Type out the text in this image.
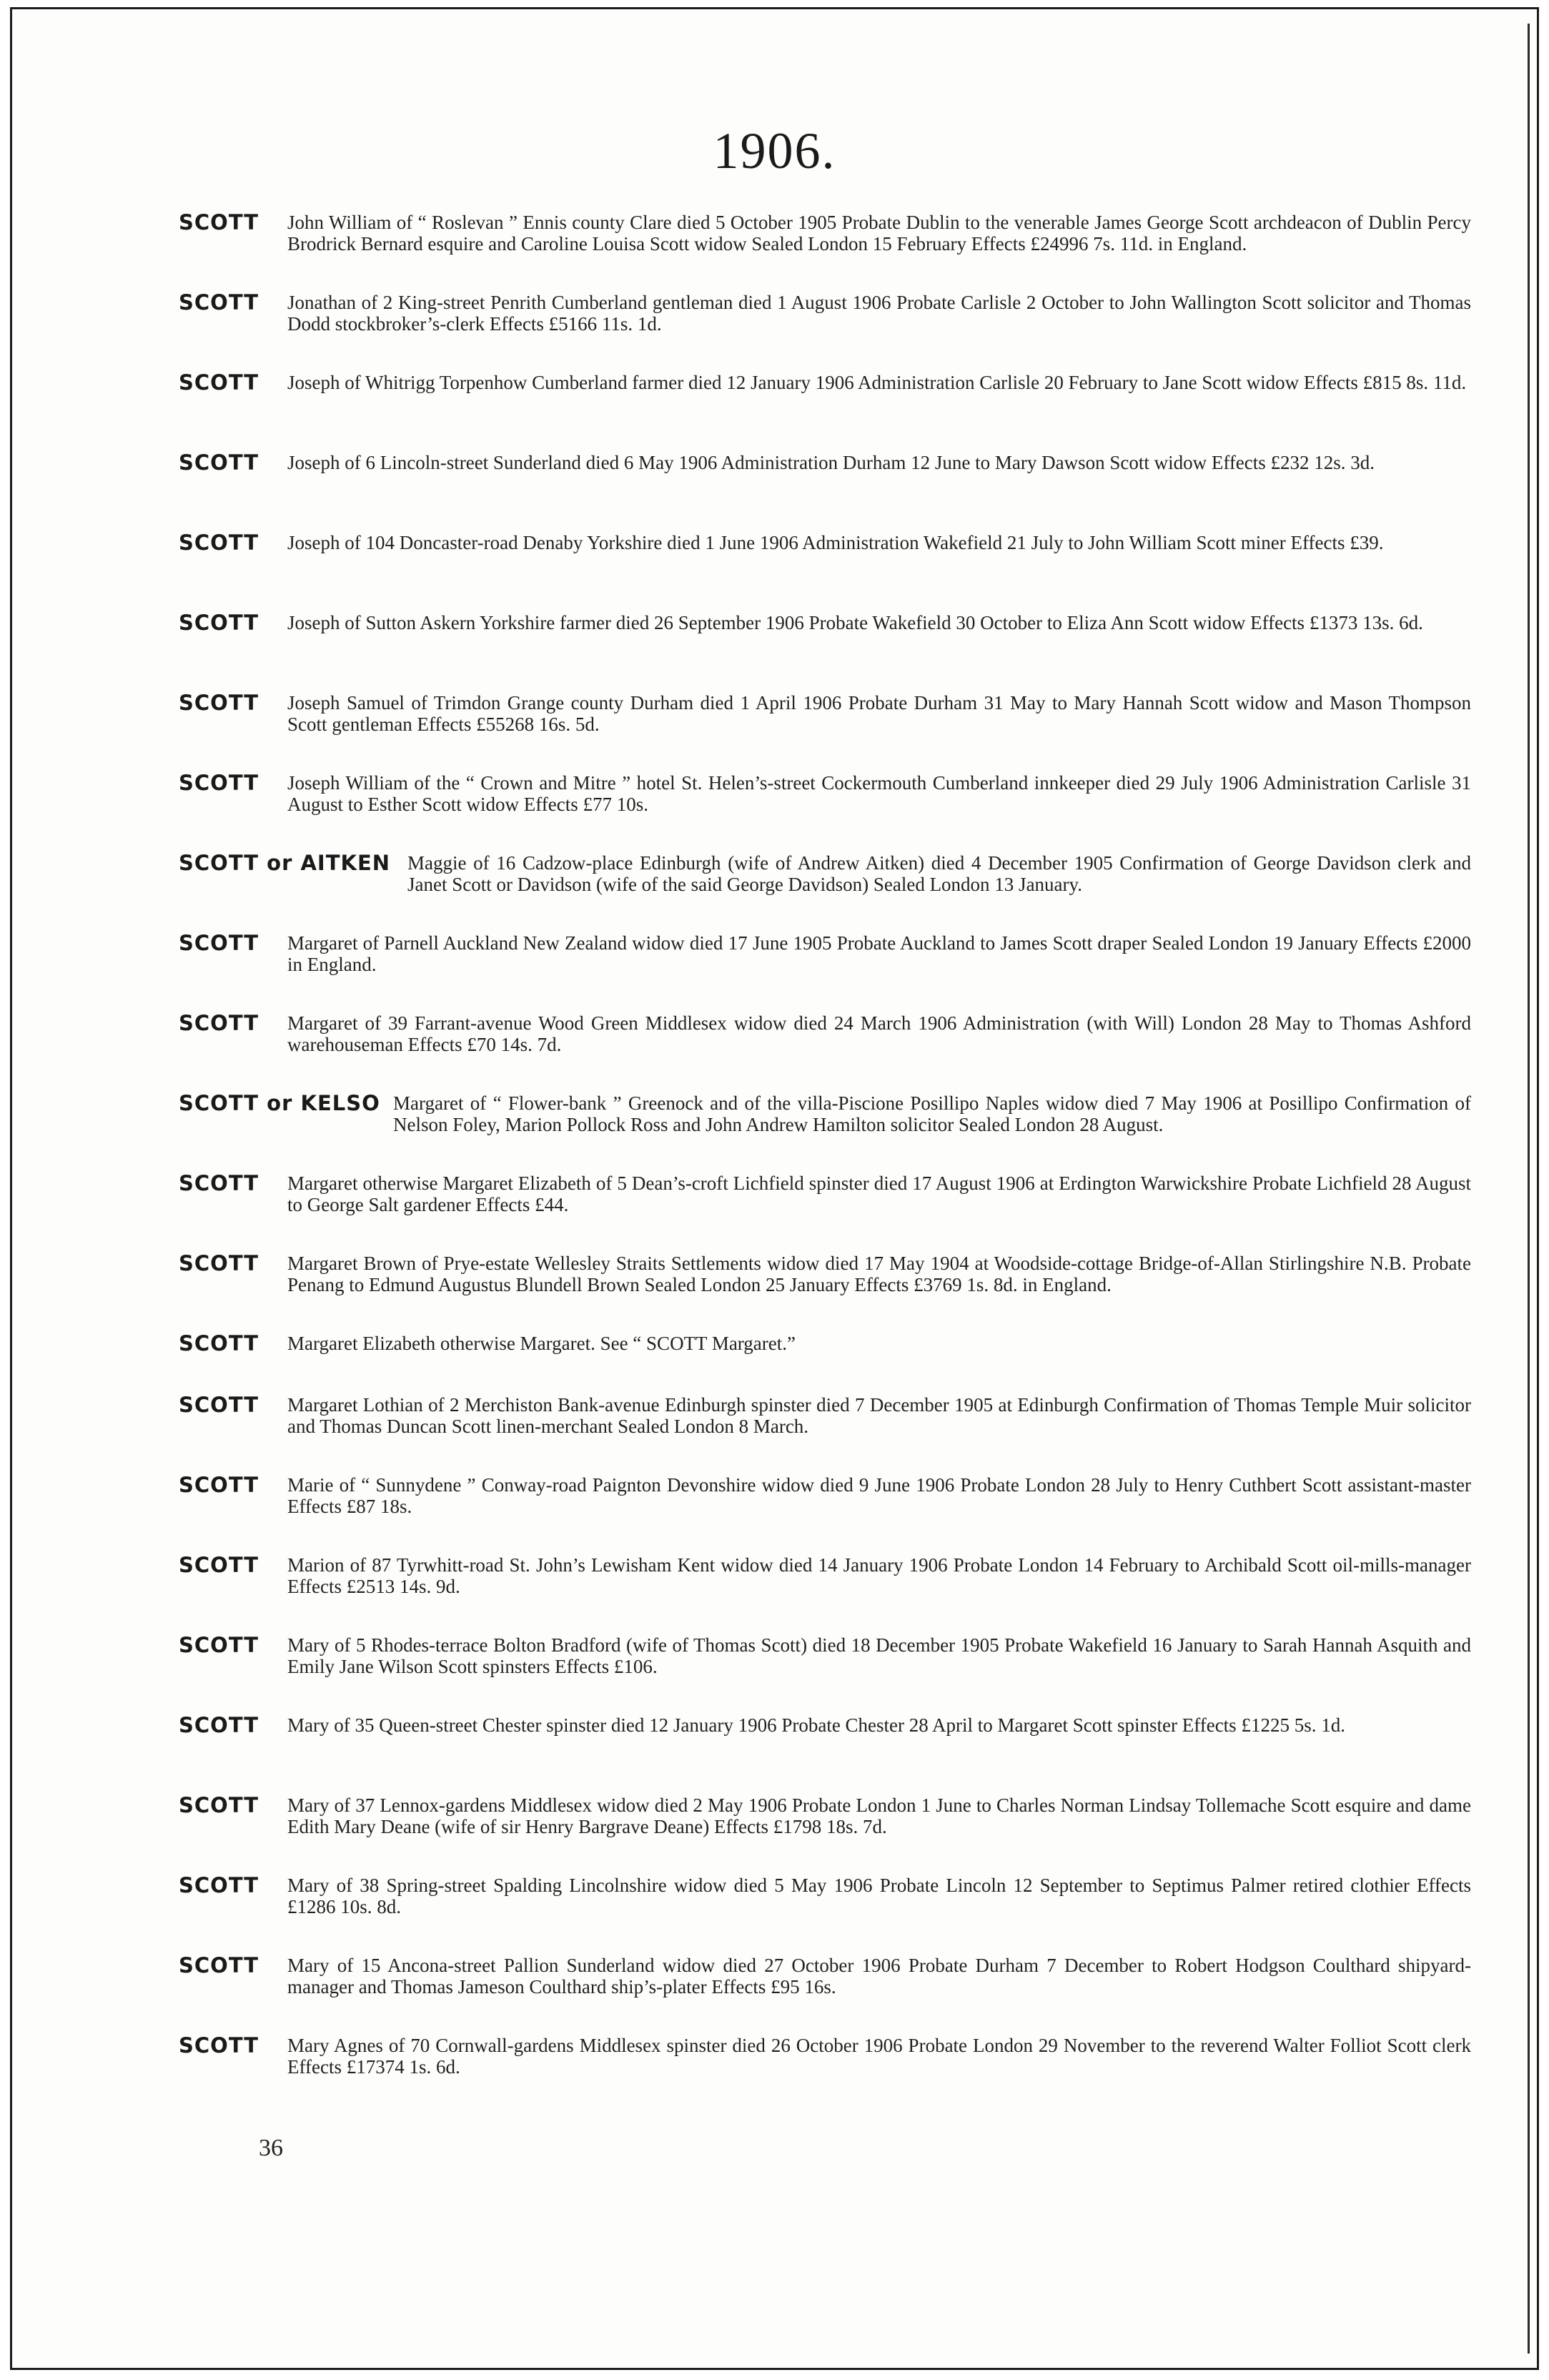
1906.
SCOTT John William of “ Roslevan ” Ennis county Clare died 5 October 1905 Probate Dublin to the venerable James George Scott archdeacon of Dublin Percy Brodrick Bernard esquire and Caroline Louisa Scott widow Sealed London 15 February Effects £24996 7s. 11d. in England.
SCOTT Jonathan of 2 King-street Penrith Cumberland gentleman died 1 August 1906 Probate Carlisle 2 October to John Wallington Scott solicitor and Thomas Dodd stockbroker’s-clerk Effects £5166 11s. 1d.
SCOTT Joseph of Whitrigg Torpenhow Cumberland farmer died 12 January 1906 Administration Carlisle 20 February to Jane Scott widow Effects £815 8s. 11d.
SCOTT Joseph of 6 Lincoln-street Sunderland died 6 May 1906 Administration Durham 12 June to Mary Dawson Scott widow Effects £232 12s. 3d.
SCOTT Joseph of 104 Doncaster-road Denaby Yorkshire died 1 June 1906 Administration Wakefield 21 July to John William Scott miner Effects £39.
SCOTT Joseph of Sutton Askern Yorkshire farmer died 26 September 1906 Probate Wakefield 30 October to Eliza Ann Scott widow Effects £1373 13s. 6d.
SCOTT Joseph Samuel of Trimdon Grange county Durham died 1 April 1906 Probate Durham 31 May to Mary Hannah Scott widow and Mason Thompson Scott gentleman Effects £55268 16s. 5d.
SCOTT Joseph William of the “ Crown and Mitre ” hotel St. Helen’s-street Cockermouth Cumberland innkeeper died 29 July 1906 Administration Carlisle 31 August to Esther Scott widow Effects £77 10s.
SCOTT or AITKEN Maggie of 16 Cadzow-place Edinburgh (wife of Andrew Aitken) died 4 December 1905 Confirmation of George Davidson clerk and Janet Scott or Davidson (wife of the said George Davidson) Sealed London 13 January.
SCOTT Margaret of Parnell Auckland New Zealand widow died 17 June 1905 Probate Auckland to James Scott draper Sealed London 19 January Effects £2000 in England.
SCOTT Margaret of 39 Farrant-avenue Wood Green Middlesex widow died 24 March 1906 Administration (with Will) London 28 May to Thomas Ashford warehouseman Effects £70 14s. 7d.
SCOTT or KELSO Margaret of “ Flower-bank ” Greenock and of the villa-Piscione Posillipo Naples widow died 7 May 1906 at Posillipo Confirmation of Nelson Foley, Marion Pollock Ross and John Andrew Hamilton solicitor Sealed London 28 August.
SCOTT Margaret otherwise Margaret Elizabeth of 5 Dean’s-croft Lichfield spinster died 17 August 1906 at Erdington Warwickshire Probate Lichfield 28 August to George Salt gardener Effects £44.
SCOTT Margaret Brown of Prye-estate Wellesley Straits Settlements widow died 17 May 1904 at Woodside-cottage Bridge-of-Allan Stirlingshire N.B. Probate Penang to Edmund Augustus Blundell Brown Sealed London 25 January Effects £3769 1s. 8d. in England.
SCOTT Margaret Elizabeth otherwise Margaret. See “ SCOTT Margaret.”
SCOTT Margaret Lothian of 2 Merchiston Bank-avenue Edinburgh spinster died 7 December 1905 at Edinburgh Confirmation of Thomas Temple Muir solicitor and Thomas Duncan Scott linen-merchant Sealed London 8 March.
SCOTT Marie of “ Sunnydene ” Conway-road Paignton Devonshire widow died 9 June 1906 Probate London 28 July to Henry Cuthbert Scott assistant-master Effects £87 18s.
SCOTT Marion of 87 Tyrwhitt-road St. John’s Lewisham Kent widow died 14 January 1906 Probate London 14 February to Archibald Scott oil-mills-manager Effects £2513 14s. 9d.
SCOTT Mary of 5 Rhodes-terrace Bolton Bradford (wife of Thomas Scott) died 18 December 1905 Probate Wakefield 16 January to Sarah Hannah Asquith and Emily Jane Wilson Scott spinsters Effects £106.
SCOTT Mary of 35 Queen-street Chester spinster died 12 January 1906 Probate Chester 28 April to Margaret Scott spinster Effects £1225 5s. 1d.
SCOTT Mary of 37 Lennox-gardens Middlesex widow died 2 May 1906 Probate London 1 June to Charles Norman Lindsay Tollemache Scott esquire and dame Edith Mary Deane (wife of sir Henry Bargrave Deane) Effects £1798 18s. 7d.
SCOTT Mary of 38 Spring-street Spalding Lincolnshire widow died 5 May 1906 Probate Lincoln 12 September to Septimus Palmer retired clothier Effects £1286 10s. 8d.
SCOTT Mary of 15 Ancona-street Pallion Sunderland widow died 27 October 1906 Probate Durham 7 December to Robert Hodgson Coulthard shipyard-manager and Thomas Jameson Coulthard ship’s-plater Effects £95 16s.
SCOTT Mary Agnes of 70 Cornwall-gardens Middlesex spinster died 26 October 1906 Probate London 29 November to the reverend Walter Folliot Scott clerk Effects £17374 1s. 6d.
36
